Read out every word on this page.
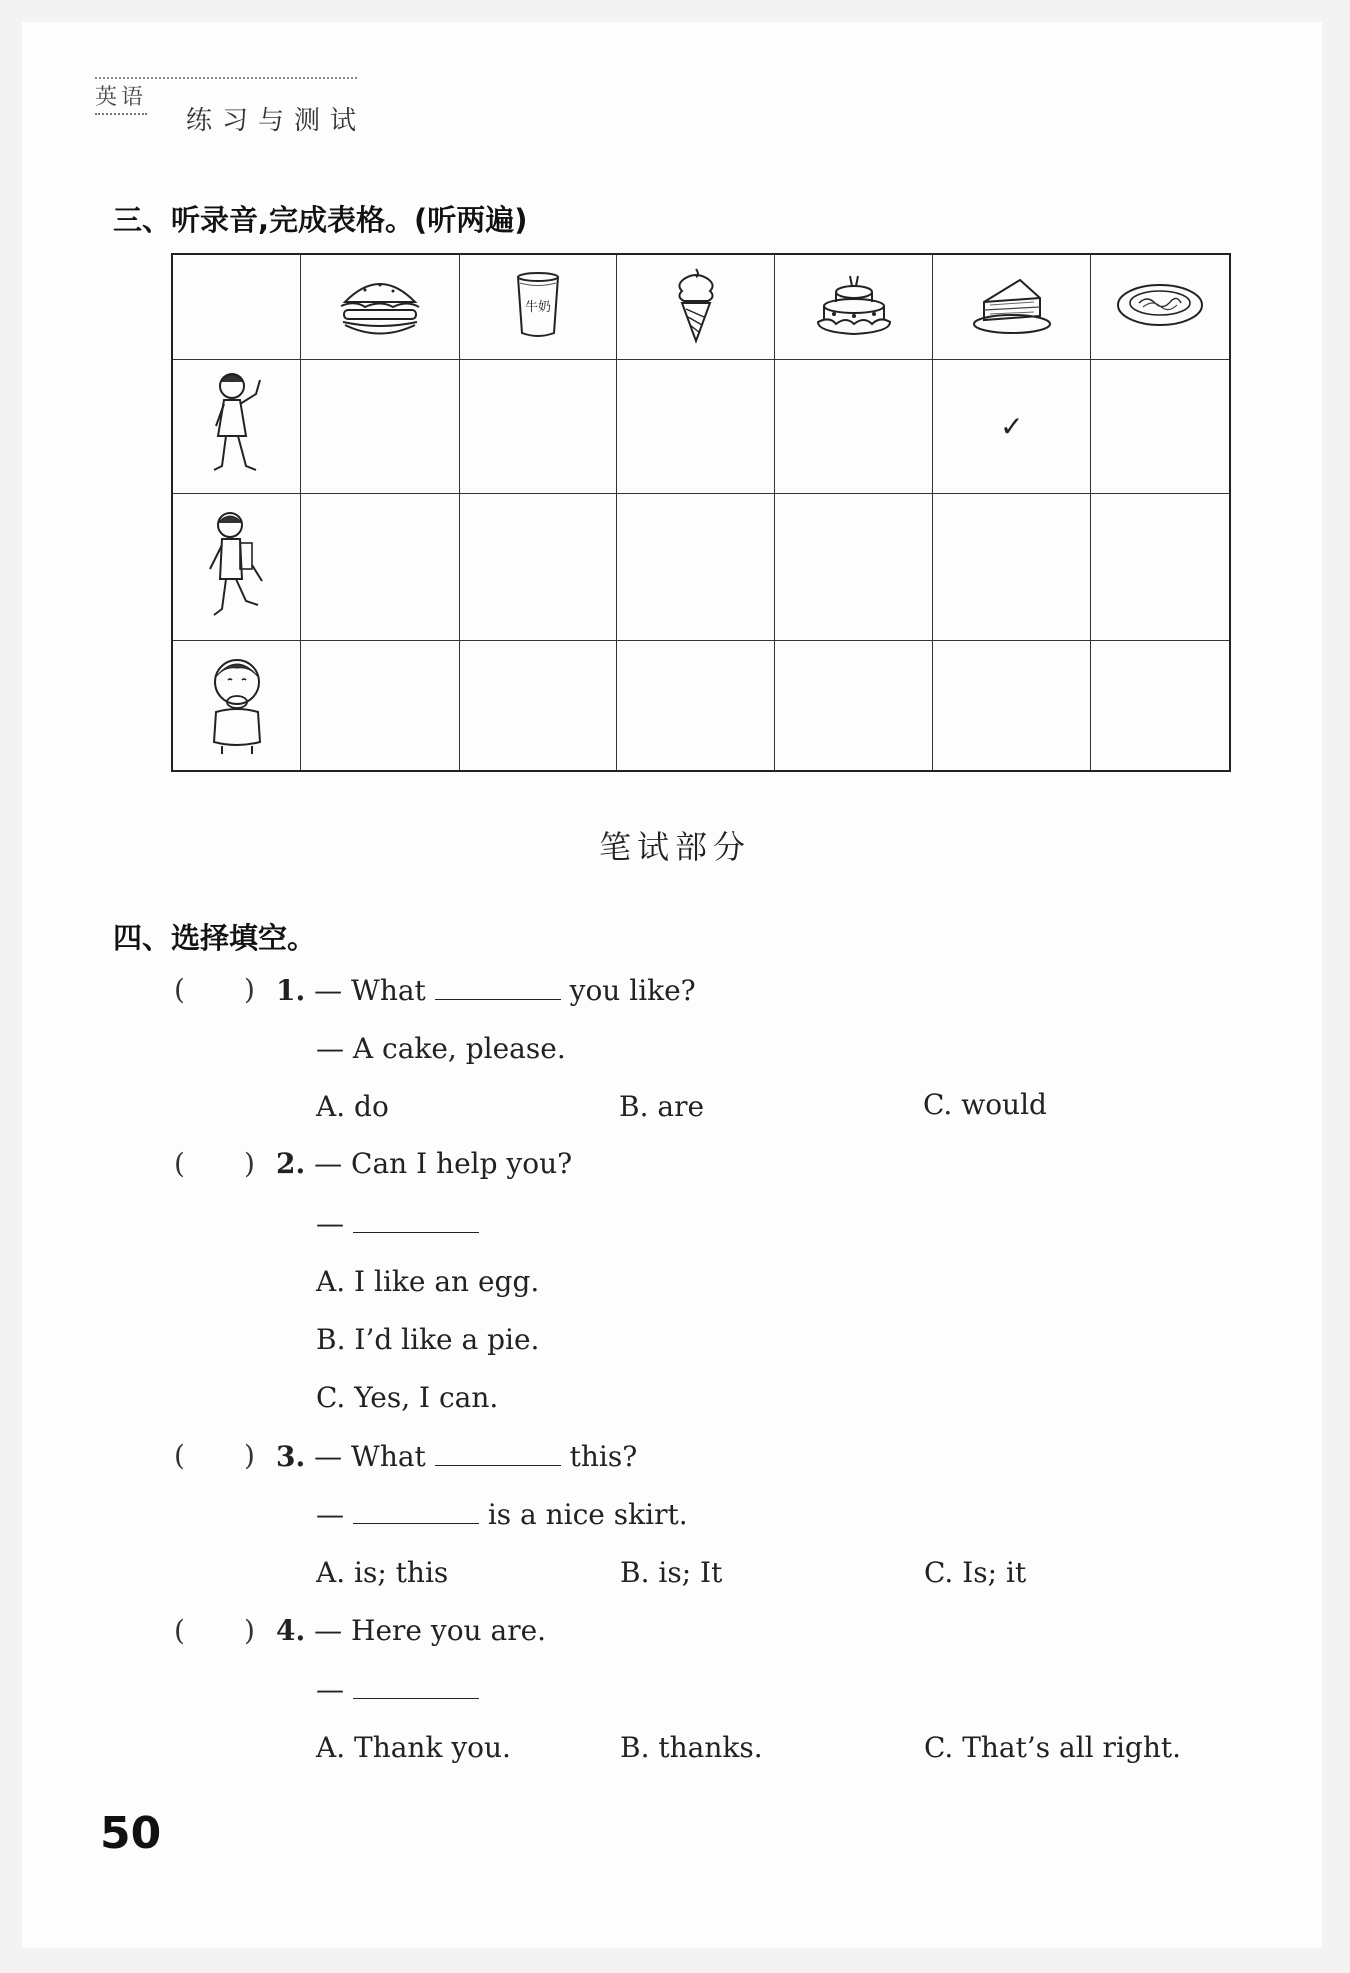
英语
练习与测试
三、听录音,完成表格。(听两遍)

牛奶

					✓	

笔试部分
四、选择填空。
( ) 1. — What	you like?
— A cake, please.
A. do	B. are	C. would
( ) 2. — Can I help you?
—
A. I like an egg.
B. I’d like a pie.
C. Yes, I can.
( ) 3. — What	this?
—	is a nice skirt.
A. is; this	B. is; It	C. Is; it
( ) 4. — Here you are.
—
A. Thank you.	B. thanks.	C. That’s all right.
50
